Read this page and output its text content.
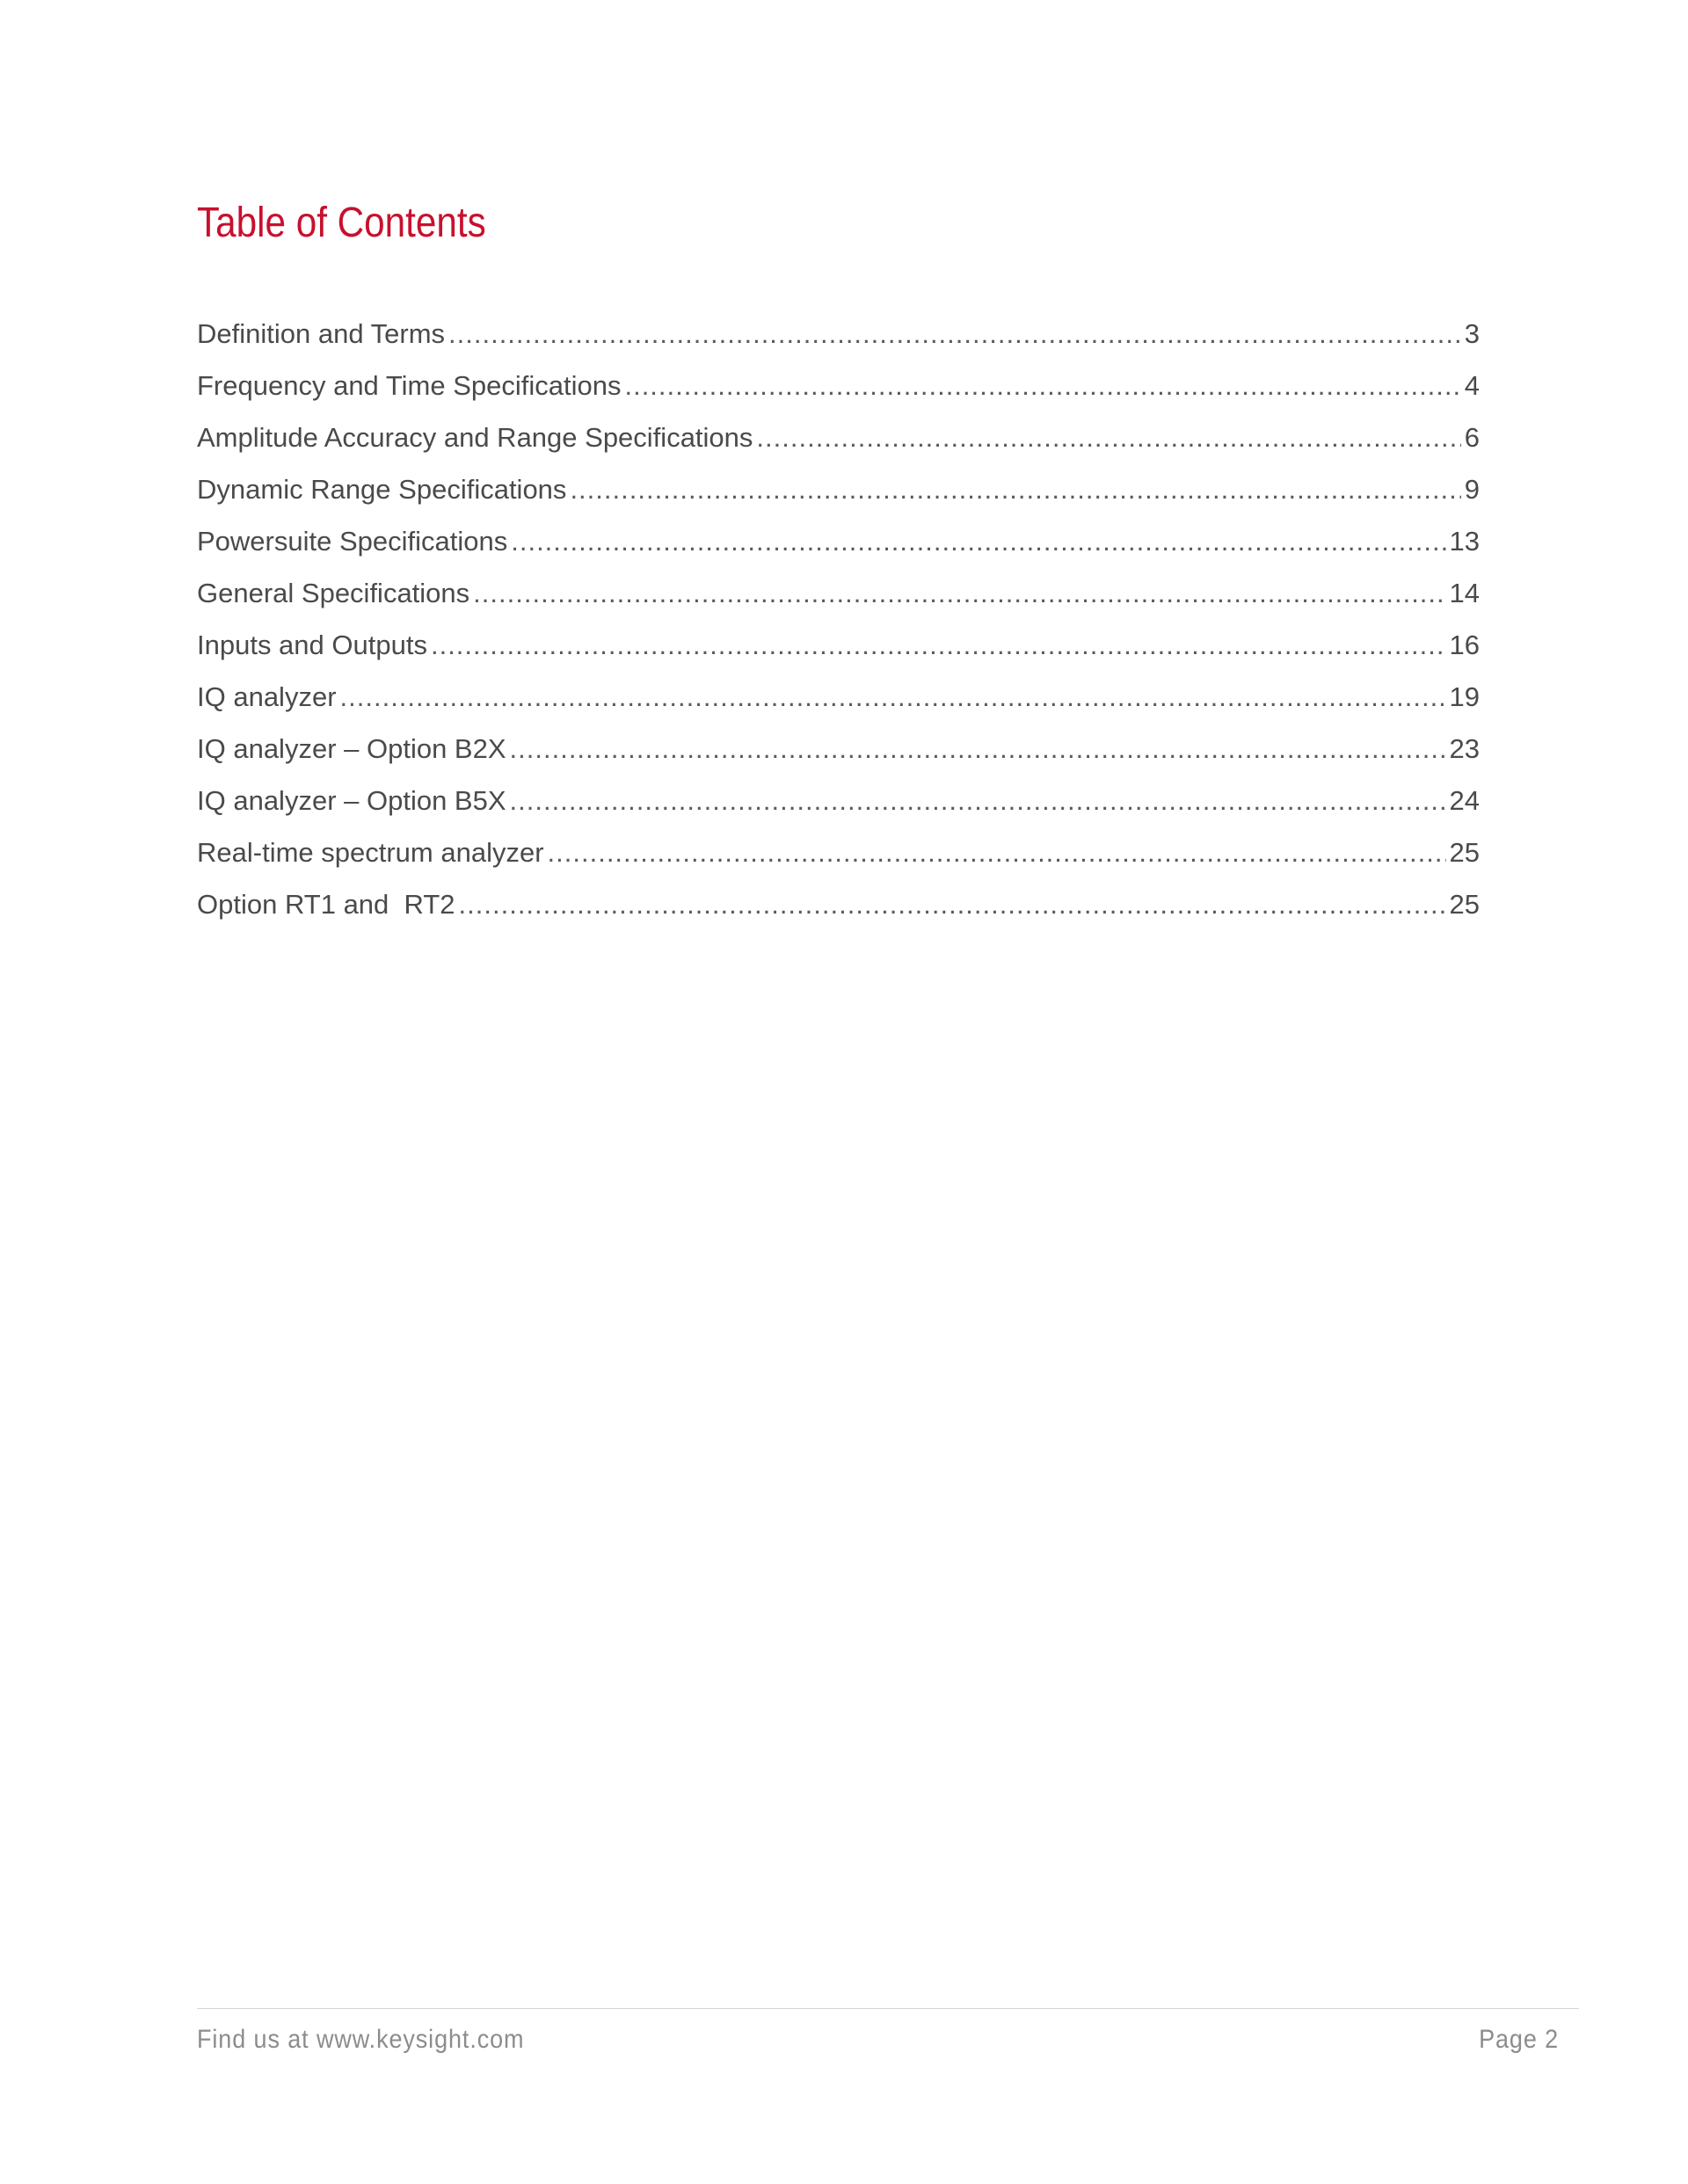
Table of Contents
Definition and Terms .....	3
Frequency and Time Specifications .....	4
Amplitude Accuracy and Range Specifications .....	6
Dynamic Range Specifications .....	9
Powersuite Specifications .....	13
General Specifications .....	14
Inputs and Outputs .....	16
IQ analyzer .....	19
IQ analyzer – Option B2X .....	23
IQ analyzer – Option B5X .....	24
Real-time spectrum analyzer .....	25
Option RT1 and  RT2 .....	25
Find us at www.keysight.com	Page 2
